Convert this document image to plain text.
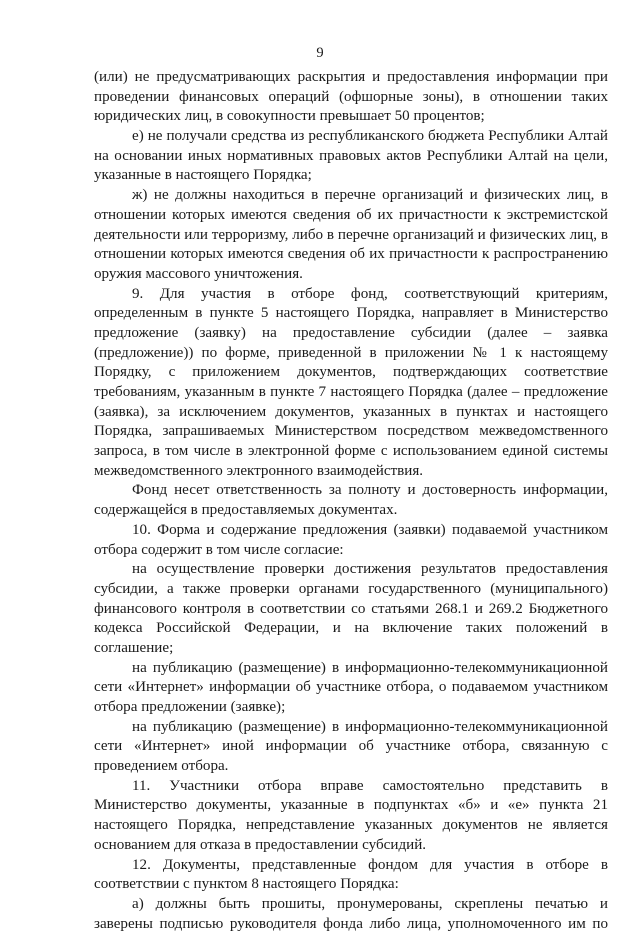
9
(или) не предусматривающих раскрытия и предоставления информации при
проведении финансовых операций (офшорные зоны), в отношении таких
юридических лиц, в совокупности превышает 50 процентов;
е) не получали средства из республиканского бюджета Республики Алтай
на основании иных нормативных правовых актов Республики Алтай на цели,
указанные в настоящего Порядка;
ж) не должны находиться в перечне организаций и физических лиц, в
отношении которых имеются сведения об их причастности к экстремистской
деятельности или терроризму, либо в перечне организаций и физических лиц, в
отношении которых имеются сведения об их причастности к распространению
оружия массового уничтожения.
9. Для участия в отборе фонд, соответствующий критериям,
определенным в пункте 5 настоящего Порядка, направляет в Министерство
предложение (заявку) на предоставление субсидии (далее – заявка
(предложение)) по форме, приведенной в приложении № 1 к настоящему
Порядку, с приложением документов, подтверждающих соответствие
требованиям, указанным в пункте 7 настоящего Порядка (далее – предложение
(заявка), за исключением документов, указанных в пунктах и настоящего
Порядка, запрашиваемых Министерством посредством межведомственного
запроса, в том числе в электронной форме с использованием единой системы
межведомственного электронного взаимодействия.
Фонд несет ответственность за полноту и достоверность информации,
содержащейся в предоставляемых документах.
10. Форма и содержание предложения (заявки) подаваемой участником
отбора содержит в том числе согласие:
на осуществление проверки достижения результатов предоставления
субсидии, а также проверки органами государственного (муниципального)
финансового контроля в соответствии со статьями 268.1 и 269.2 Бюджетного
кодекса Российской Федерации, и на включение таких положений в
соглашение;
на публикацию (размещение) в информационно-телекоммуникационной
сети «Интернет» информации об участнике отбора, о подаваемом участником
отбора предложении (заявке);
на публикацию (размещение) в информационно-телекоммуникационной
сети «Интернет» иной информации об участнике отбора, связанную с
проведением отбора.
11. Участники отбора вправе самостоятельно представить в
Министерство документы, указанные в подпунктах «б» и «е» пункта 21
настоящего Порядка, непредставление указанных документов не является
основанием для отказа в предоставлении субсидий.
12. Документы, представленные фондом для участия в отборе в
соответствии с пунктом 8 настоящего Порядка:
а) должны быть прошиты, пронумерованы, скреплены печатью и
заверены подписью руководителя фонда либо лица, уполномоченного им по
